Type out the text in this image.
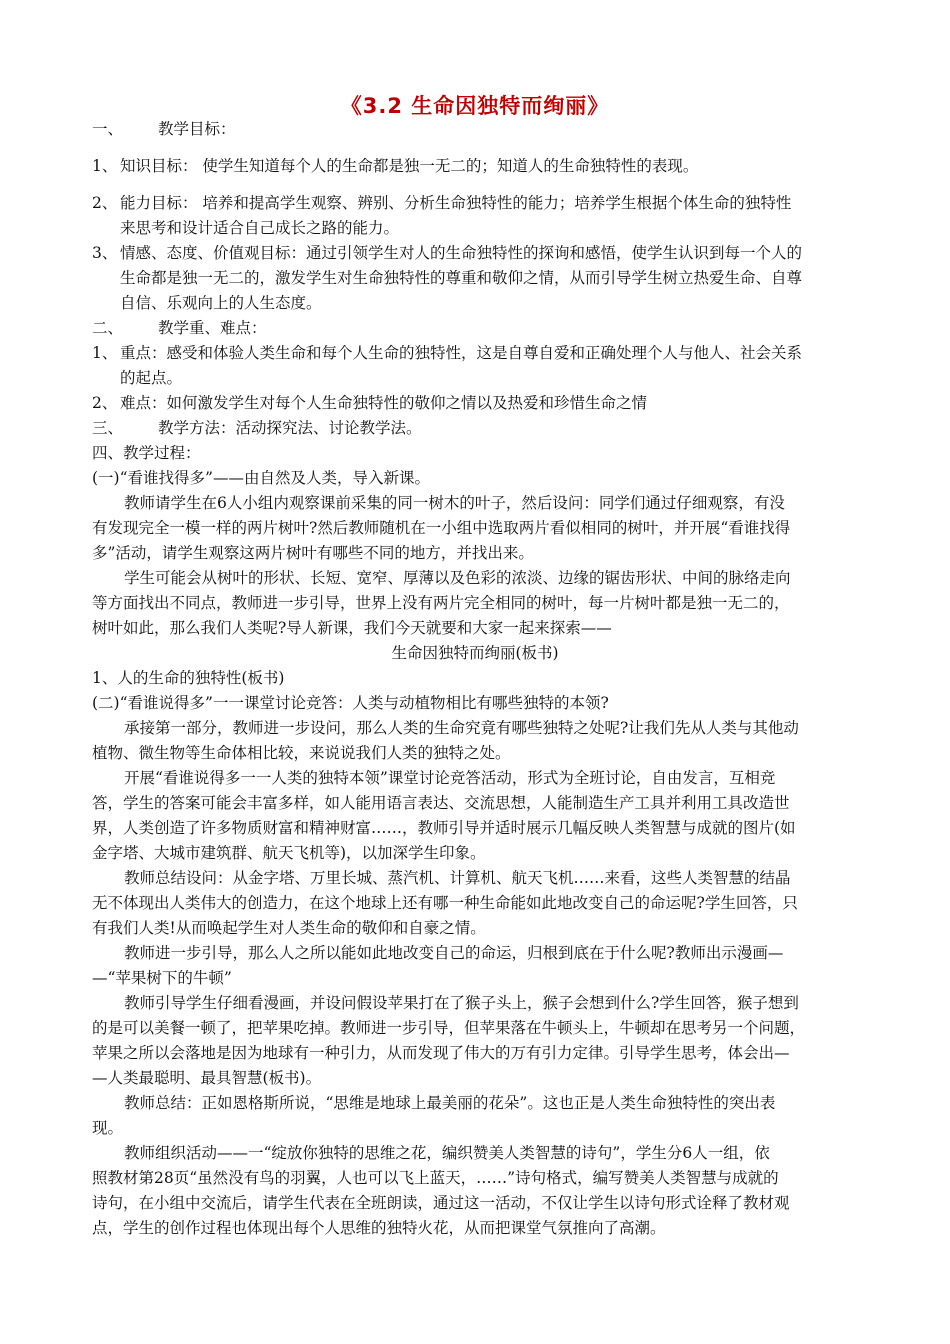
《3.2 生命因独特而绚丽》
一、 教学目标：
1、 知识目标： 使学生知道每个人的生命都是独一无二的；知道人的生命独特性的表现。
2、 能力目标： 培养和提高学生观察、辨别、分析生命独特性的能力；培养学生根据个体生命的独特性
来思考和设计适合自己成长之路的能力。
3、 情感、态度、价值观目标：通过引领学生对人的生命独特性的探询和感悟，使学生认识到每一个人的
生命都是独一无二的，激发学生对生命独特性的尊重和敬仰之情，从而引导学生树立热爱生命、自尊
自信、乐观向上的人生态度。
二、 教学重、难点：
1、 重点：感受和体验人类生命和每个人生命的独特性，这是自尊自爱和正确处理个人与他人、社会关系
的起点。
2、 难点：如何激发学生对每个人生命独特性的敬仰之情以及热爱和珍惜生命之情
三、 教学方法：活动探究法、讨论教学法。
四、教学过程：
(一)“看谁找得多”——由自然及人类，导入新课。
教师请学生在6人小组内观察课前采集的同一树木的叶子，然后设问：同学们通过仔细观察，有没
有发现完全一模一样的两片树叶?然后教师随机在一小组中选取两片看似相同的树叶，并开展“看谁找得
多”活动，请学生观察这两片树叶有哪些不同的地方，并找出来。
学生可能会从树叶的形状、长短、宽窄、厚薄以及色彩的浓淡、边缘的锯齿形状、中间的脉络走向
等方面找出不同点，教师进一步引导，世界上没有两片完全相同的树叶，每一片树叶都是独一无二的，
树叶如此，那么我们人类呢?导人新课，我们今天就要和大家一起来探索——
生命因独特而绚丽(板书)
1、人的生命的独特性(板书)
(二)“看谁说得多”一一课堂讨论竞答：人类与动植物相比有哪些独特的本领?
承接第一部分，教师进一步设问，那么人类的生命究竟有哪些独特之处呢?让我们先从人类与其他动
植物、微生物等生命体相比较，来说说我们人类的独特之处。
开展“看谁说得多一一人类的独特本领”课堂讨论竞答活动，形式为全班讨论，自由发言，互相竞
答，学生的答案可能会丰富多样，如人能用语言表达、交流思想，人能制造生产工具并利用工具改造世
界，人类创造了许多物质财富和精神财富……，教师引导并适时展示几幅反映人类智慧与成就的图片(如
金字塔、大城市建筑群、航天飞机等)，以加深学生印象。
教师总结设问：从金字塔、万里长城、蒸汽机、计算机、航天飞机……来看，这些人类智慧的结晶
无不体现出人类伟大的创造力，在这个地球上还有哪一种生命能如此地改变自己的命运呢?学生回答，只
有我们人类!从而唤起学生对人类生命的敬仰和自豪之情。
教师进一步引导，那么人之所以能如此地改变自己的命运，归根到底在于什么呢?教师出示漫画—
—“苹果树下的牛顿”
教师引导学生仔细看漫画，并设问假设苹果打在了猴子头上，猴子会想到什么?学生回答，猴子想到
的是可以美餐一顿了，把苹果吃掉。教师进一步引导，但苹果落在牛顿头上，牛顿却在思考另一个问题，
苹果之所以会落地是因为地球有一种引力，从而发现了伟大的万有引力定律。引导学生思考，体会出—
—人类最聪明、最具智慧(板书)。
教师总结：正如恩格斯所说，“思维是地球上最美丽的花朵”。这也正是人类生命独特性的突出表
现。
教师组织活动——一“绽放你独特的思维之花，编织赞美人类智慧的诗句”，学生分6人一组，依
照教材第28页“虽然没有鸟的羽翼，人也可以飞上蓝天，……”诗句格式，编写赞美人类智慧与成就的
诗句，在小组中交流后，请学生代表在全班朗读，通过这一活动，不仅让学生以诗句形式诠释了教材观
点，学生的创作过程也体现出每个人思维的独特火花，从而把课堂气氛推向了高潮。
